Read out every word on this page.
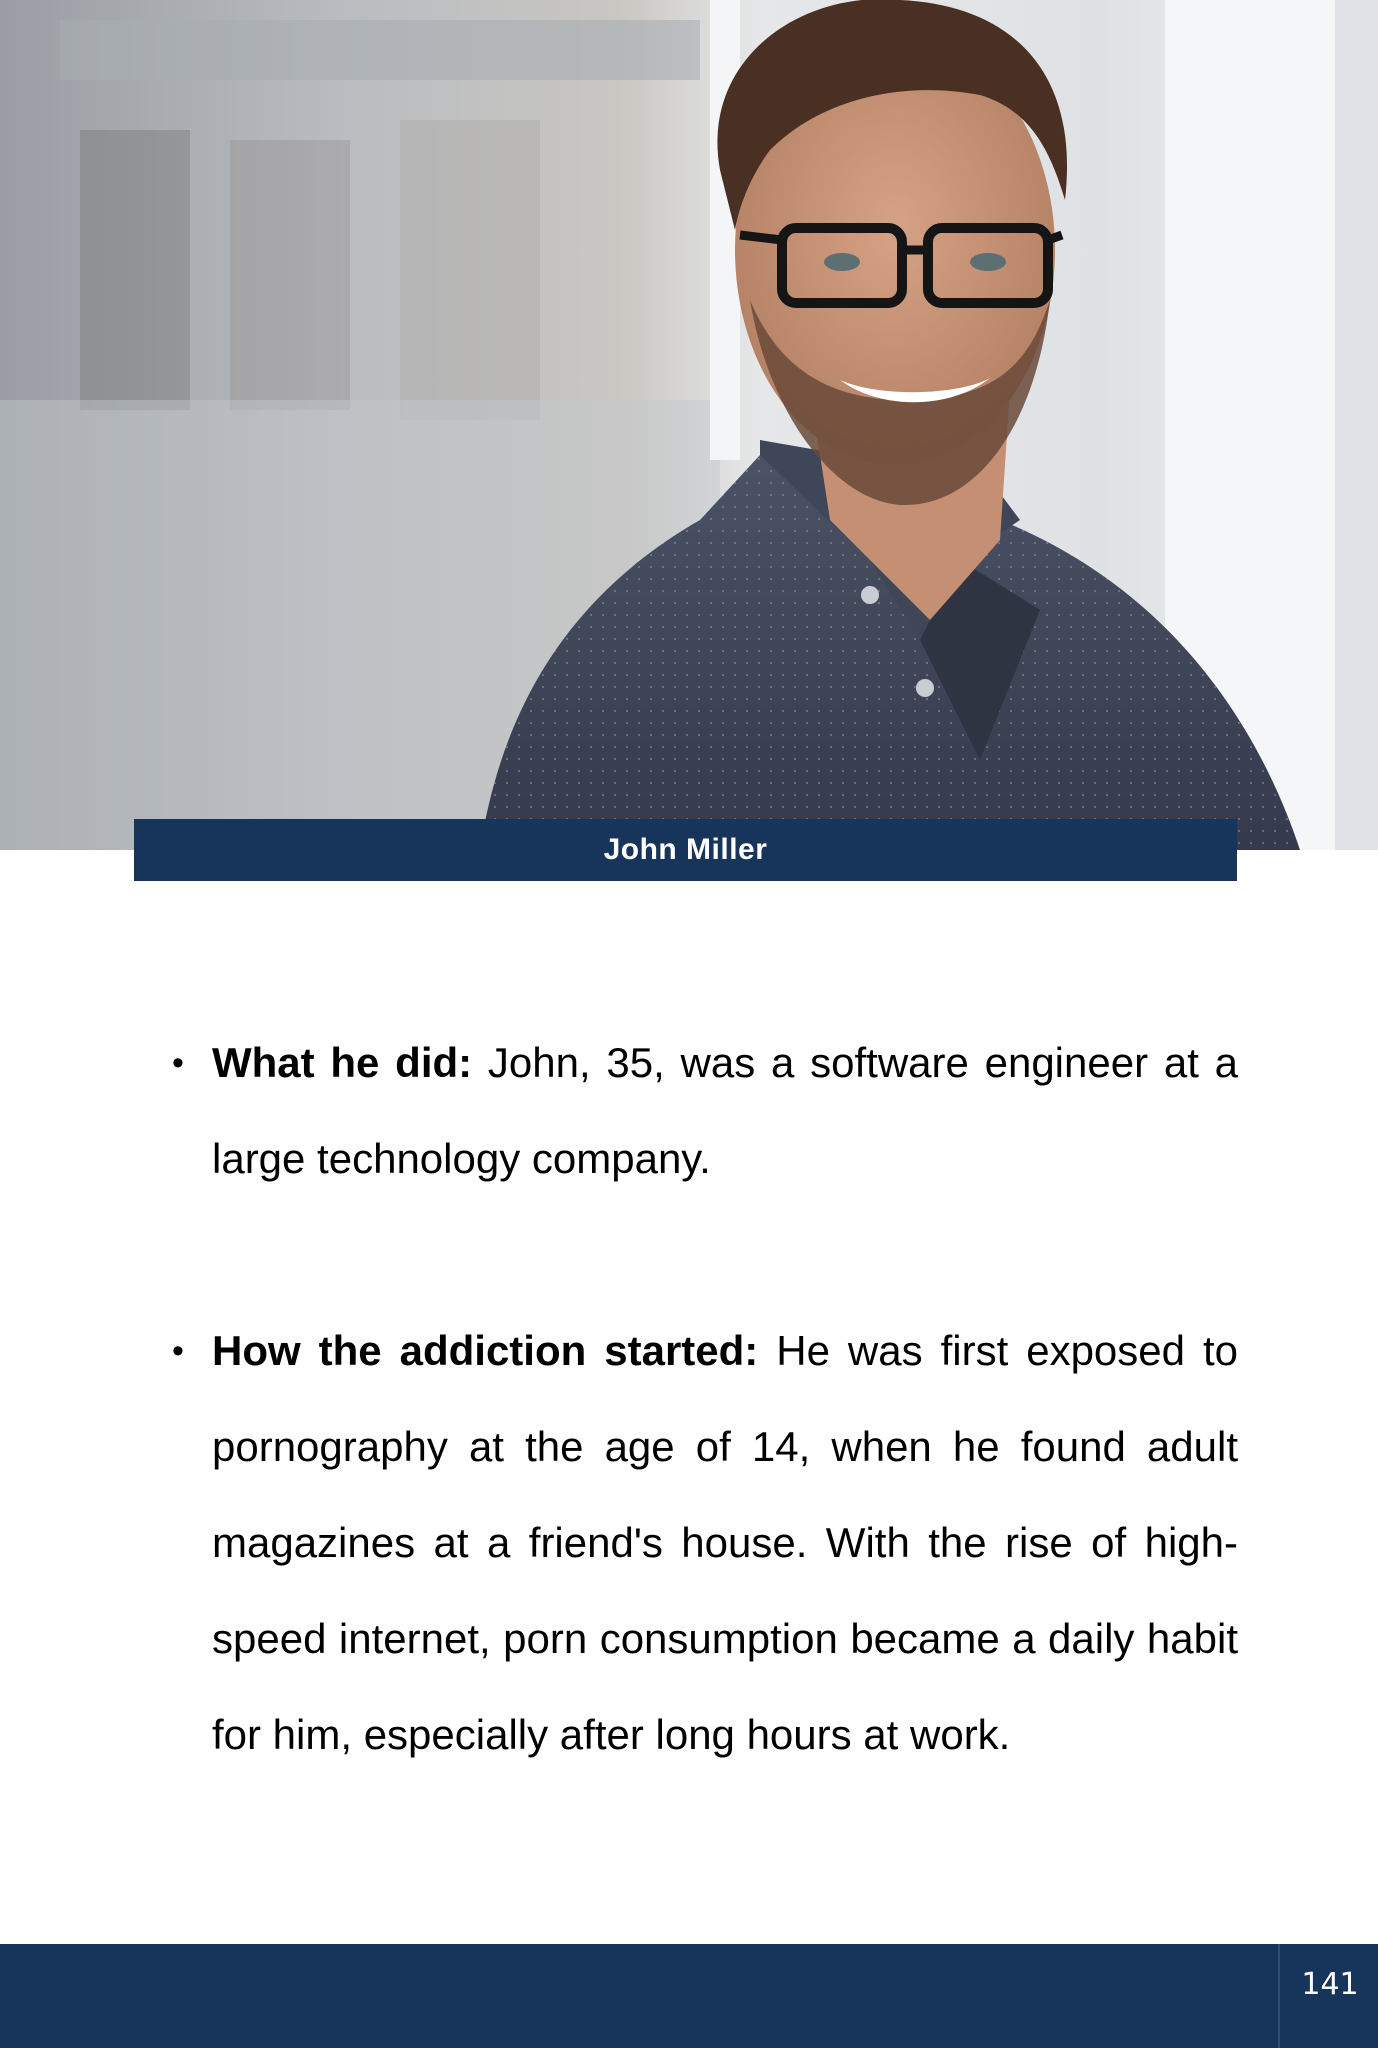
John Miller
• What he did: John, 35, was a software engineer at a large technology company.
• How the addiction started: He was first exposed to pornography at the age of 14, when he found adult magazines at a friend's house. With the rise of high-speed internet, porn consumption became a daily habit for him, especially after long hours at work.
141
